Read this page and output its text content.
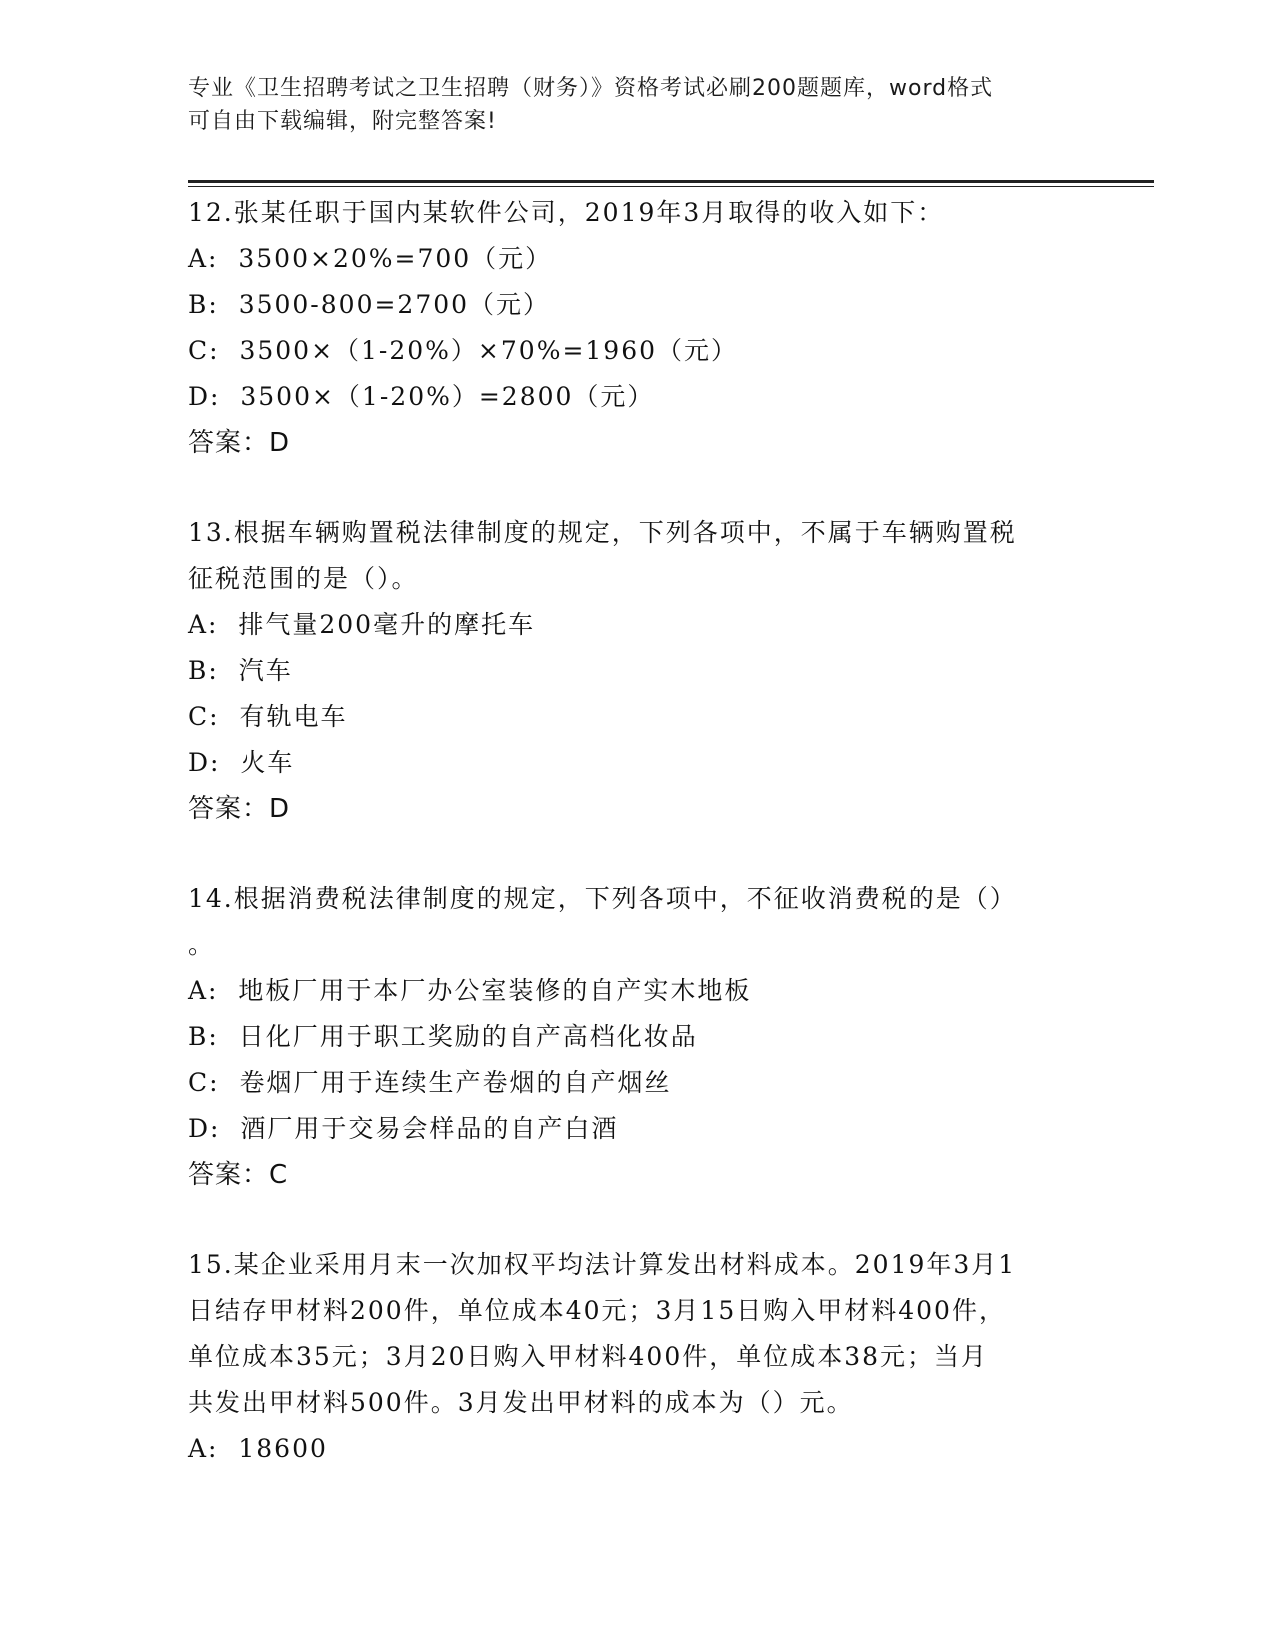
专业《卫生招聘考试之卫生招聘（财务）》资格考试必刷200题题库，word格式
可自由下载编辑，附完整答案!
12.张某任职于国内某软件公司，2019年3月取得的收入如下：
A:  3500×20%=700（元）
B:  3500-800=2700（元）
C:  3500×（1-20%）×70%=1960（元）
D:  3500×（1-20%）=2800（元）
答案：D
13.根据车辆购置税法律制度的规定，下列各项中，不属于车辆购置税
征税范围的是（）。
A:  排气量200毫升的摩托车
B:  汽车
C:  有轨电车
D:  火车
答案：D
14.根据消费税法律制度的规定，下列各项中，不征收消费税的是（）
。
A:  地板厂用于本厂办公室装修的自产实木地板
B:  日化厂用于职工奖励的自产高档化妆品
C:  卷烟厂用于连续生产卷烟的自产烟丝
D:  酒厂用于交易会样品的自产白酒
答案：C
15.某企业采用月末一次加权平均法计算发出材料成本。2019年3月1
日结存甲材料200件，单位成本40元；3月15日购入甲材料400件，
单位成本35元；3月20日购入甲材料400件，单位成本38元；当月
共发出甲材料500件。3月发出甲材料的成本为（）元。
A:  18600
